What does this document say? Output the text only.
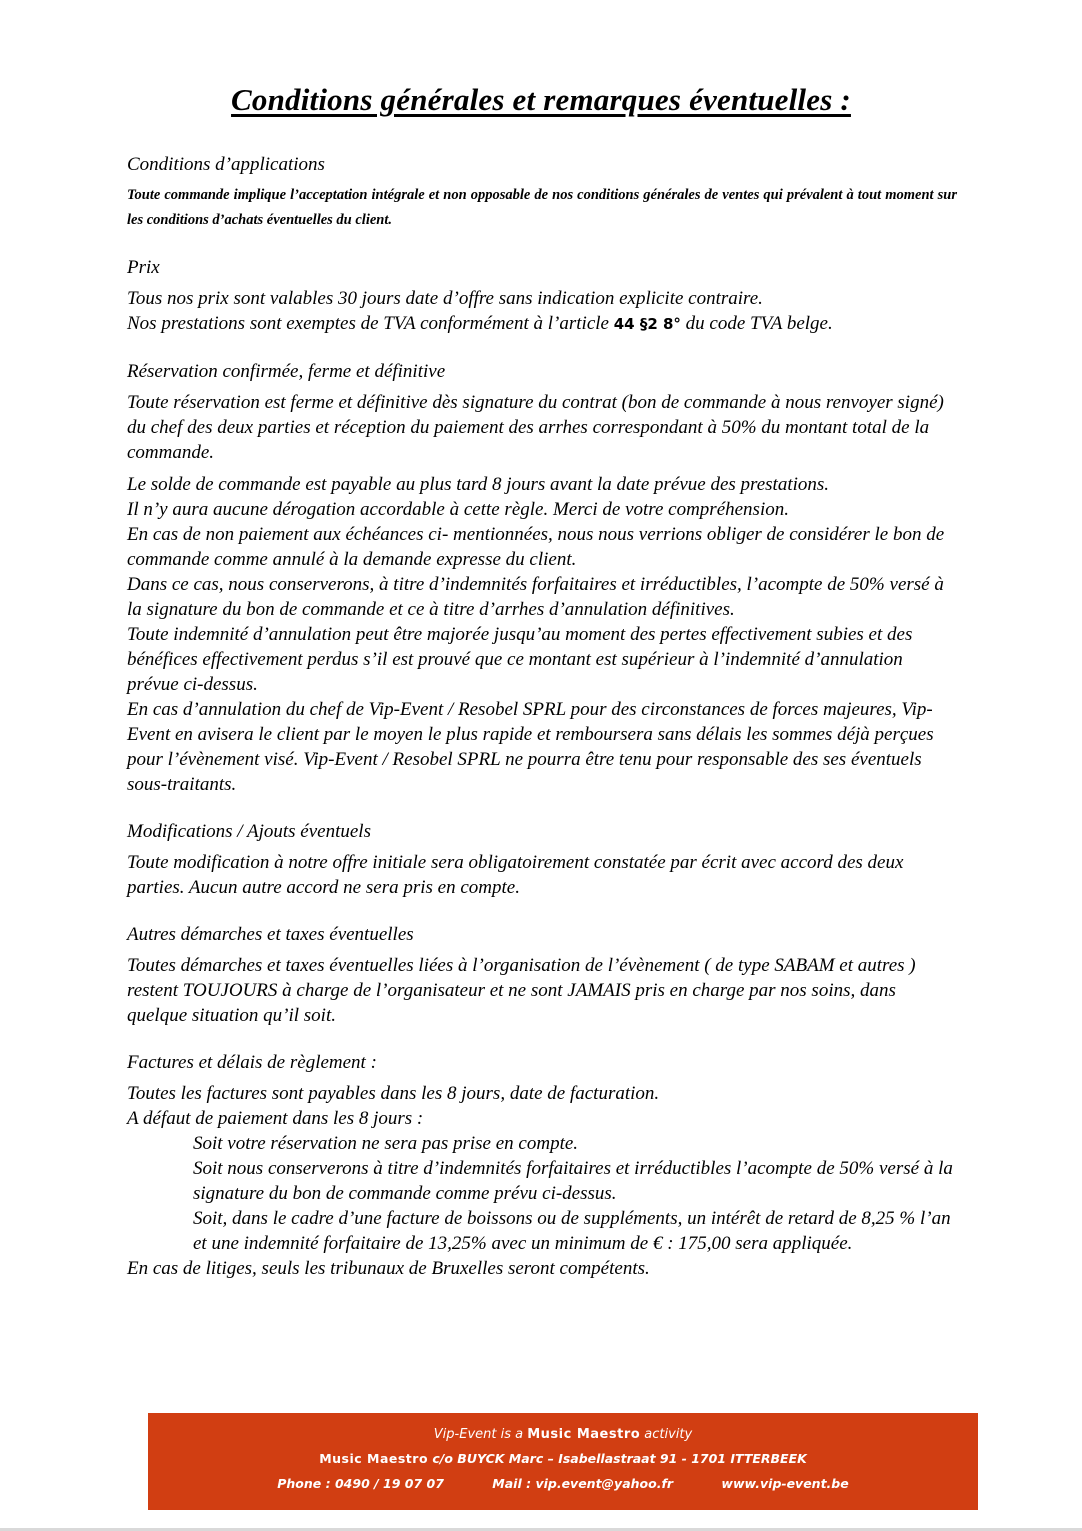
Conditions générales et remarques éventuelles :
Conditions d’applications

Toute commande implique l’acceptation intégrale et non opposable de nos conditions générales de ventes qui prévalent à tout moment sur les conditions d’achats éventuelles du client.

Prix

Tous nos prix sont valables 30 jours date d’offre sans indication explicite contraire.

Nos prestations sont exemptes de TVA conformément à l’article 44 §2 8° du code TVA belge.

Réservation confirmée, ferme et définitive

Toute réservation est ferme et définitive dès signature du contrat (bon de commande à nous renvoyer signé) du chef des deux parties et réception du paiement des arrhes correspondant à 50% du montant total de la commande.

Le solde de commande est payable au plus tard 8 jours avant la date prévue des prestations.

Il n’y aura aucune dérogation accordable à cette règle. Merci de votre compréhension.

En cas de non paiement aux échéances ci- mentionnées, nous nous verrions obliger de considérer le bon de commande comme annulé à la demande expresse du client.

Dans ce cas, nous conserverons, à titre d’indemnités forfaitaires et irréductibles, l’acompte de 50% versé à la signature du bon de commande et ce à titre d’arrhes d’annulation définitives.

Toute indemnité d’annulation peut être majorée jusqu’au moment des pertes effectivement subies et des bénéfices effectivement perdus s’il est prouvé que ce montant est supérieur à l’indemnité d’annulation prévue ci-dessus.

En cas d’annulation du chef de Vip-Event / Resobel SPRL pour des circonstances de forces majeures, Vip-Event en avisera le client par le moyen le plus rapide et remboursera sans délais les sommes déjà perçues pour l’évènement visé. Vip-Event / Resobel SPRL ne pourra être tenu pour responsable des ses éventuels sous-traitants.

Modifications / Ajouts éventuels

Toute modification à notre offre initiale sera obligatoirement constatée par écrit avec accord des deux parties. Aucun autre accord ne sera pris en compte.

Autres démarches et taxes éventuelles

Toutes démarches et taxes éventuelles liées à l’organisation de l’évènement ( de type SABAM et autres ) restent TOUJOURS à charge de l’organisateur et ne sont JAMAIS pris en charge par nos soins, dans quelque situation qu’il soit.

Factures et délais de règlement :

Toutes les factures sont payables dans les 8 jours, date de facturation.

A défaut de paiement dans les 8 jours :

Soit votre réservation ne sera pas prise en compte.

Soit nous conserverons à titre d’indemnités forfaitaires et irréductibles l’acompte de 50% versé à la signature du bon de commande comme prévu ci-dessus.

Soit, dans le cadre d’une facture de boissons ou de suppléments, un intérêt de retard de 8,25 % l’an et une indemnité forfaitaire de 13,25% avec un minimum de € : 175,00 sera appliquée.

En cas de litiges, seuls les tribunaux de Bruxelles seront compétents.

Vip-Event is a Music Maestro activity
Music Maestro c/o BUYCK Marc – Isabellastraat 91 - 1701 ITTERBEEK
Phone : 0490 / 19 07 07	Mail : vip.event@yahoo.fr	www.vip-event.be
